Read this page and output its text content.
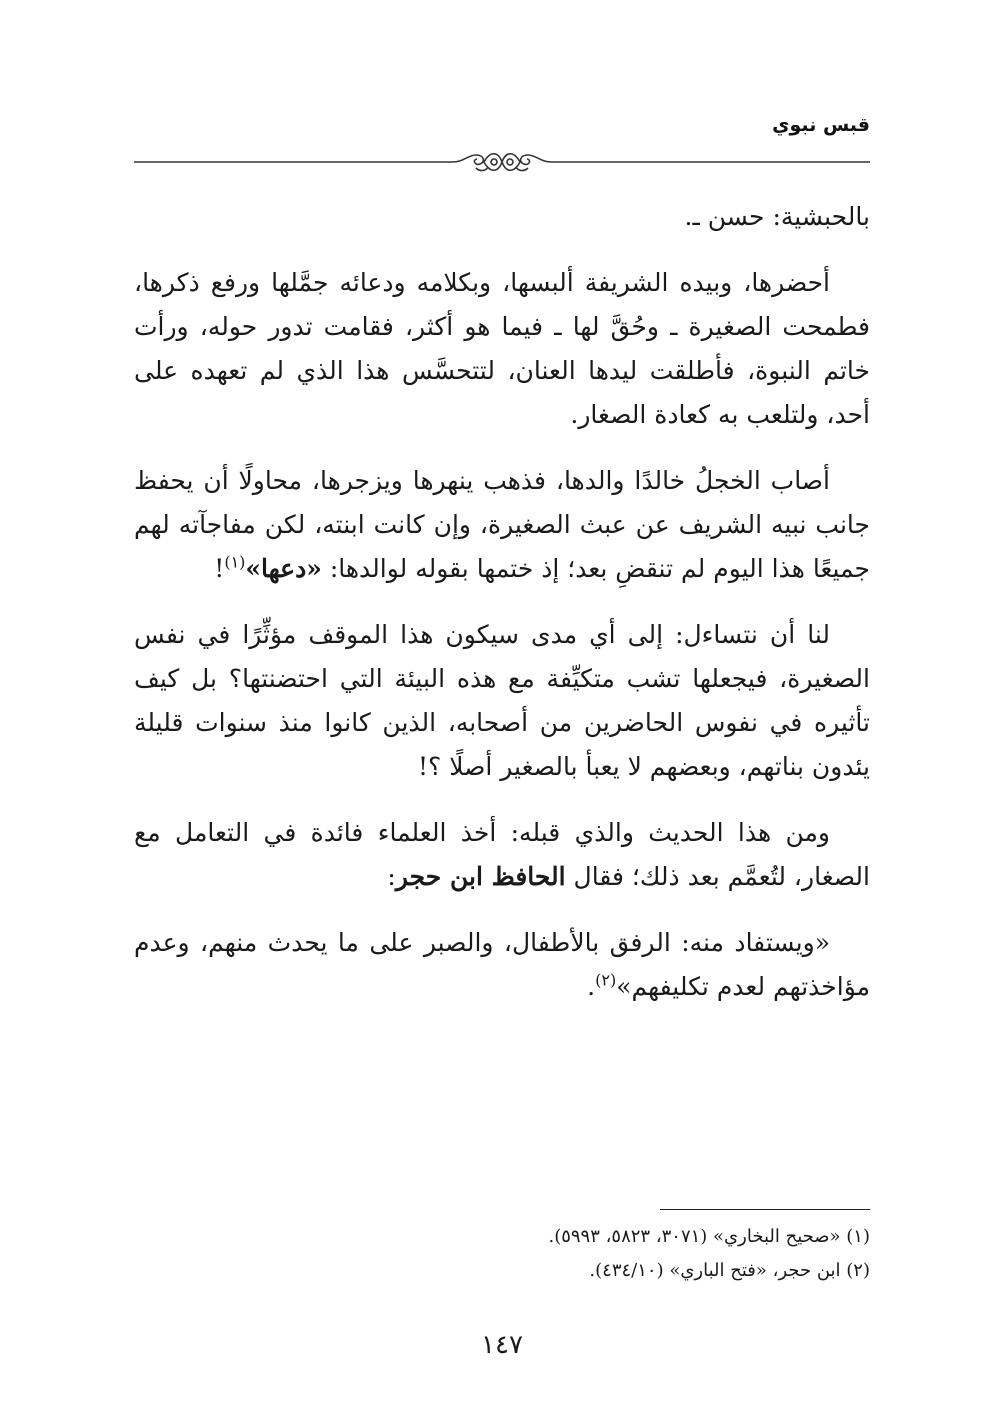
قبس نبوي

بالحبشية: حسن ـ.

أحضرها، وبيده الشريفة ألبسها، وبكلامه ودعائه جمَّلها ورفع ذكرها، فطمحت الصغيرة ـ وحُقَّ لها ـ فيما هو أكثر، فقامت تدور حوله، ورأت خاتم النبوة، فأطلقت ليدها العنان، لتتحسَّس هذا الذي لم تعهده على أحد، ولتلعب به كعادة الصغار.

أصاب الخجلُ خالدًا والدها، فذهب ينهرها ويزجرها، محاولًا أن يحفظ جانب نبيه الشريف عن عبث الصغيرة، وإن كانت ابنته، لكن مفاجآته لهم جميعًا هذا اليوم لم تنقضِ بعد؛ إذ ختمها بقوله لوالدها: «دعها»$^{(١)}$!

لنا أن نتساءل: إلى أي مدى سيكون هذا الموقف مؤثِّرًا في نفس الصغيرة، فيجعلها تشب متكيِّفة مع هذه البيئة التي احتضنتها؟ بل كيف تأثيره في نفوس الحاضرين من أصحابه، الذين كانوا منذ سنوات قليلة يئدون بناتهم، وبعضهم لا يعبأ بالصغير أصلًا ؟!

ومن هذا الحديث والذي قبله: أخذ العلماء فائدة في التعامل مع الصغار، لتُعمَّم بعد ذلك؛ فقال الحافظ ابن حجر:

«ويستفاد منه: الرفق بالأطفال، والصبر على ما يحدث منهم، وعدم مؤاخذتهم لعدم تكليفهم»$^{(٢)}$.

(١) «صحيح البخاري» (٣٠٧١، ٥٨٢٣، ٥٩٩٣).

(٢) ابن حجر، «فتح الباري» (٤٣٤/١٠).

١٤٧
